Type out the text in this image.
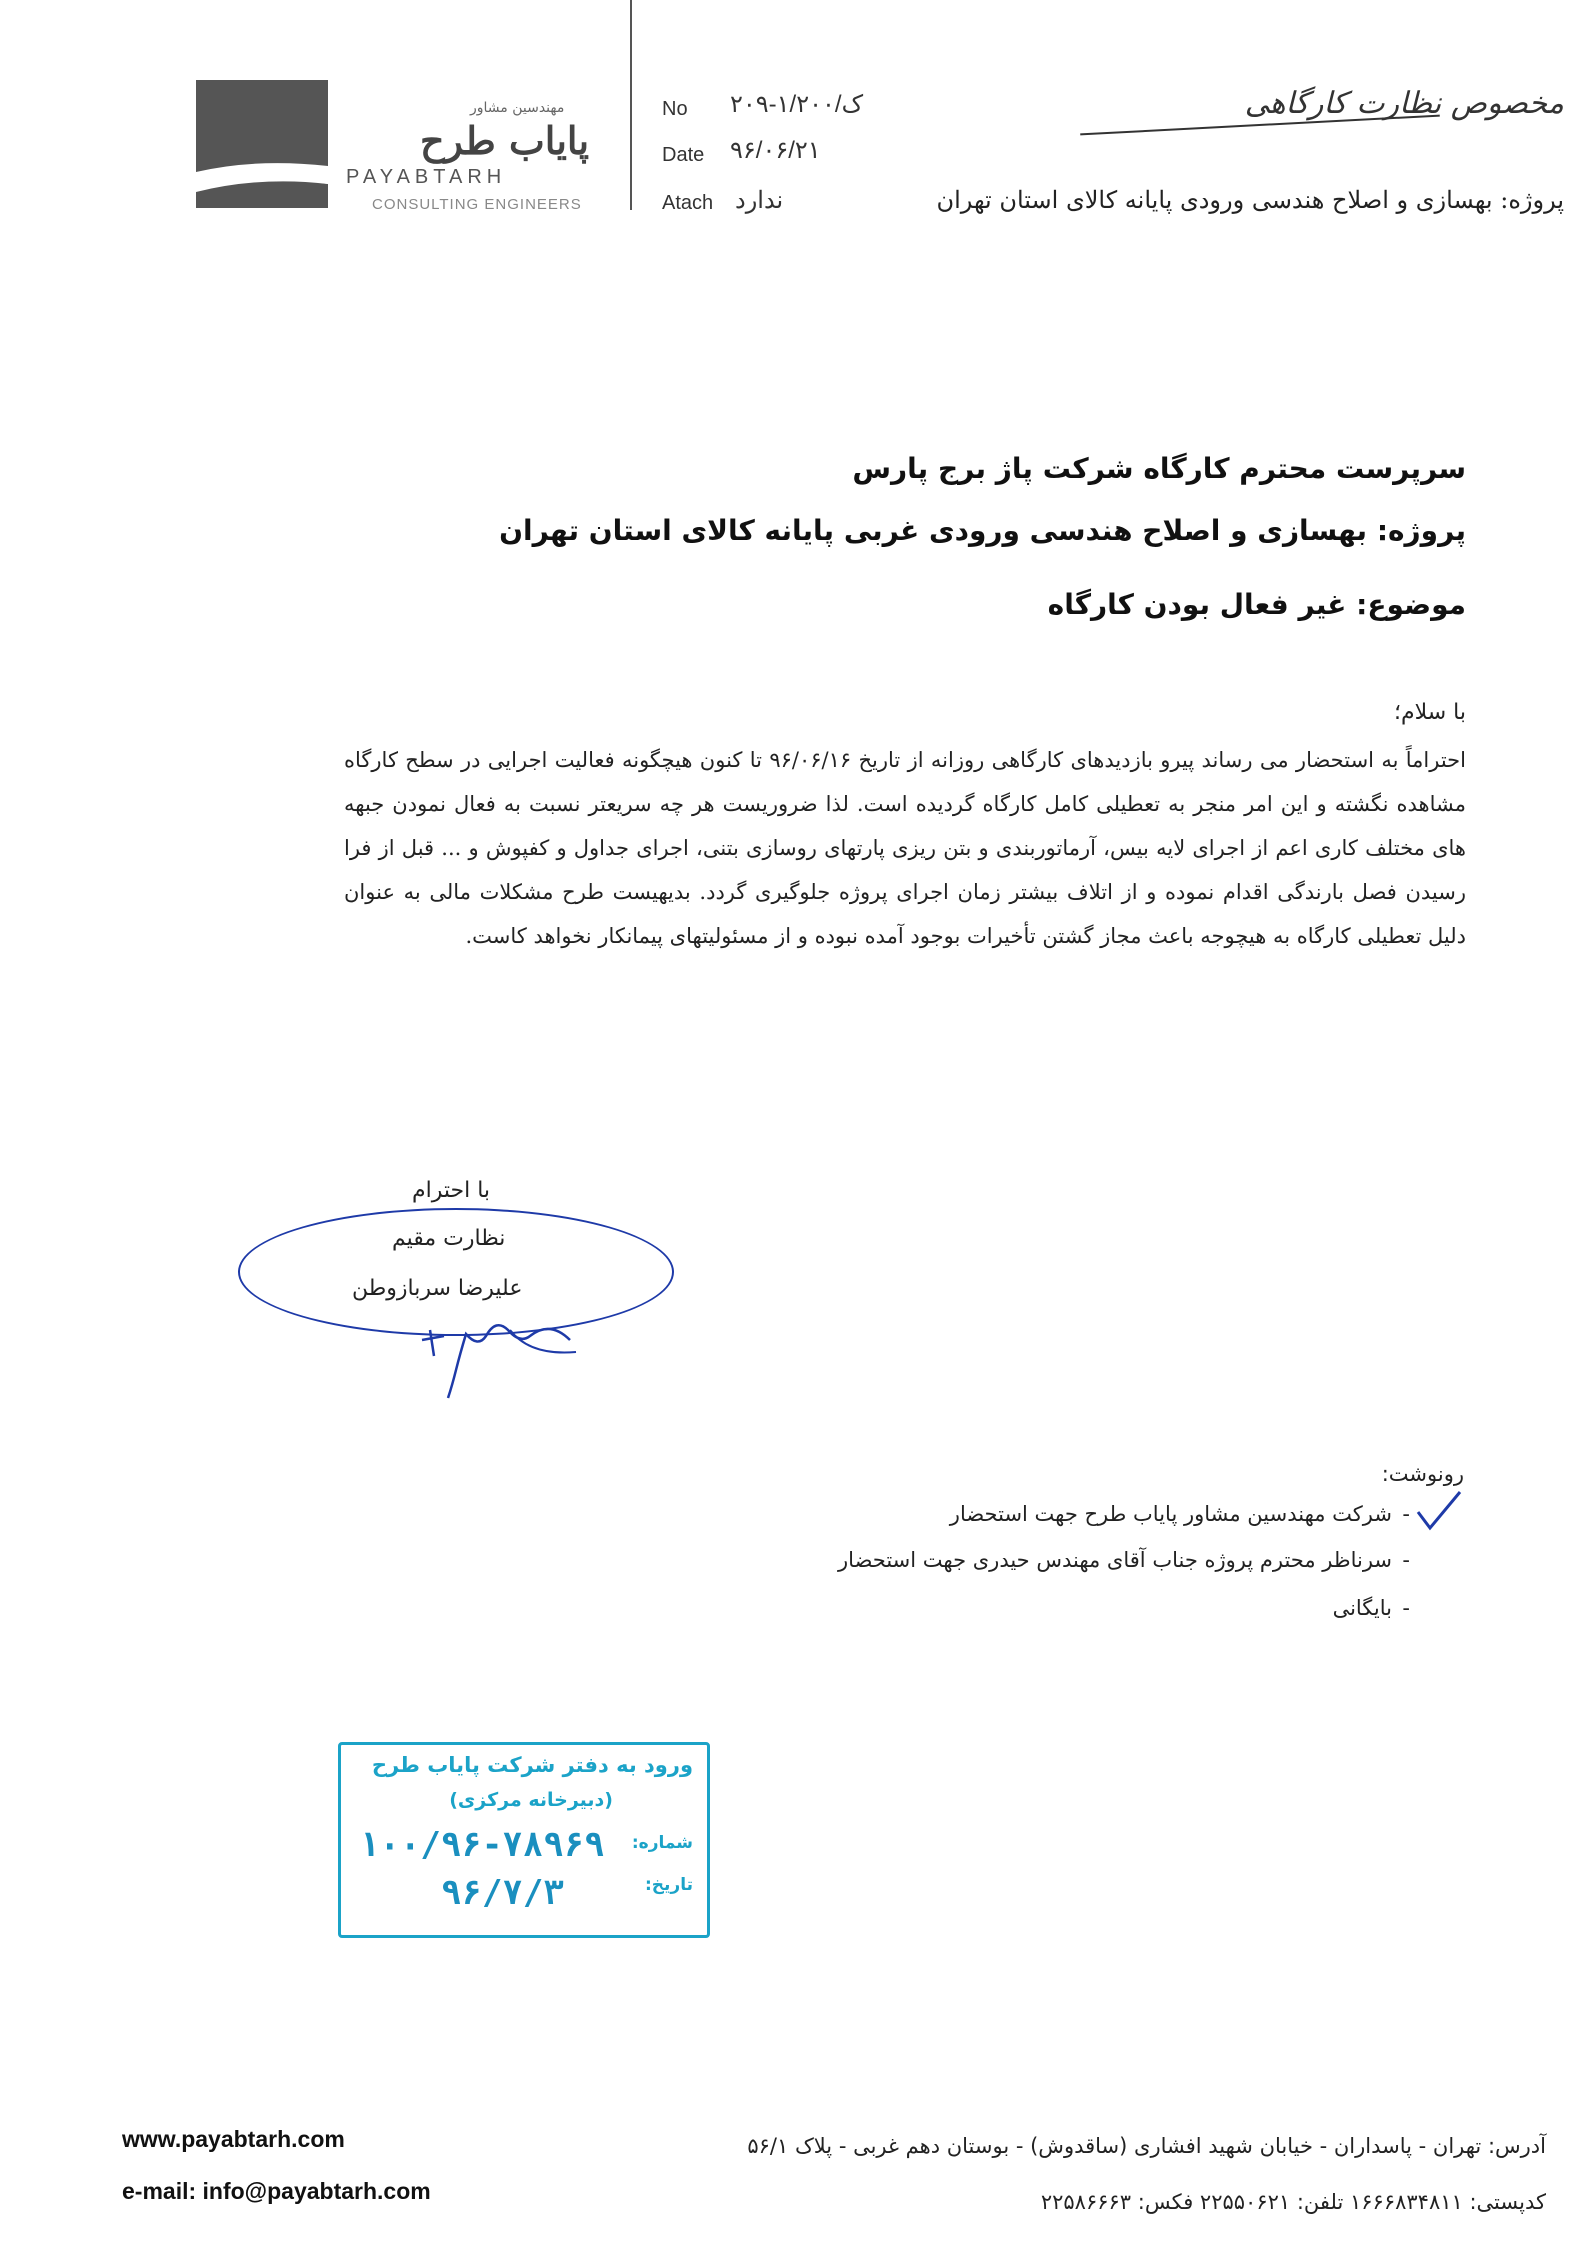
مهندسین مشاور
پایاب طرح
PAYABTARH
CONSULTING ENGINEERS
No ۲۰۹-۱/ک/۲۰۰
Date ۹۶/۰۶/۲۱
Atach ندارد
مخصوص نظارت کارگاهی
پروژه: بهسازی و اصلاح هندسی ورودی پایانه کالای استان تهران
سرپرست محترم کارگاه شرکت پاژ برج پارس
پروژه: بهسازی و اصلاح هندسی ورودی غربی پایانه کالای استان تهران
موضوع: غیر فعال بودن کارگاه
با سلام؛
احتراماً به استحضار می رساند پیرو بازدیدهای کارگاهی روزانه از تاریخ ۹۶/۰۶/۱۶ تا کنون هیچگونه فعالیت اجرایی در سطح کارگاه مشاهده نگشته و این امر منجر به تعطیلی کامل کارگاه گردیده است. لذا ضروریست هر چه سریعتر نسبت به فعال نمودن جبهه های مختلف کاری اعم از اجرای لایه بیس، آرماتوربندی و بتن ریزی پارتهای روسازی بتنی، اجرای جداول و کفپوش و ... قبل از فرا رسیدن فصل بارندگی اقدام نموده و از اتلاف بیشتر زمان اجرای پروژه جلوگیری گردد. بدیهیست طرح مشکلات مالی به عنوان دلیل تعطیلی کارگاه به هیچوجه باعث مجاز گشتن تأخیرات بوجود آمده نبوده و از مسئولیتهای پیمانکار نخواهد کاست.
با احترام
نظارت مقیم
علیرضا سربازوطن
رونوشت:
-
شرکت مهندسین مشاور پایاب طرح جهت استحضار
-
سرناظر محترم پروژه جناب آقای مهندس حیدری جهت استحضار
-
بایگانی
ورود به دفتر شرکت پایاب طرح
(دبیرخانه مرکزی)
شماره:
۱۰۰/۹۶-۷۸۹۶۹
تاریخ:
۹۶/۷/۳
www.payabtarh.com
e-mail: info@payabtarh.com
آدرس: تهران - پاسداران - خیابان شهید افشاری (ساقدوش) - بوستان دهم غربی - پلاک ۵۶/۱
کدپستی: ۱۶۶۶۸۳۴۸۱۱ تلفن: ۲۲۵۵۰۶۲۱ فکس: ۲۲۵۸۶۶۶۳
